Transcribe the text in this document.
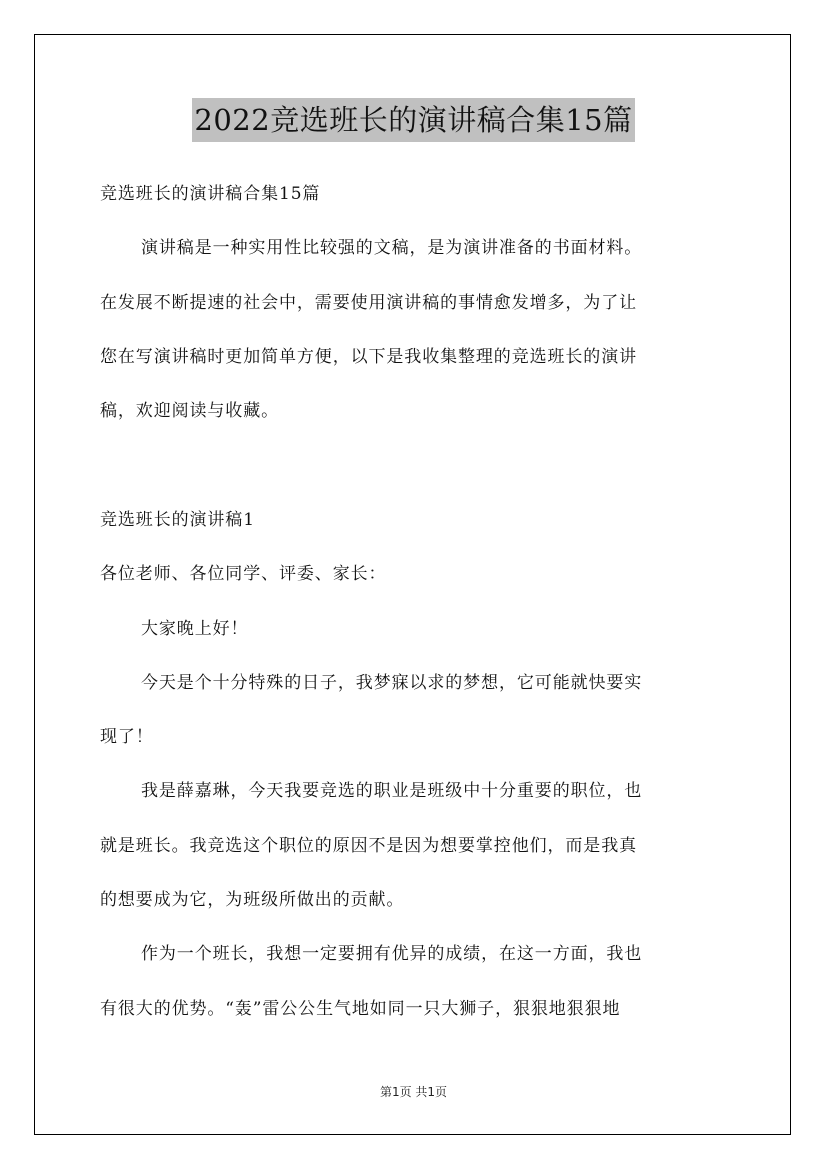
2022竞选班长的演讲稿合集15篇
竞选班长的演讲稿合集15篇
演讲稿是一种实用性比较强的文稿，是为演讲准备的书面材料。
在发展不断提速的社会中，需要使用演讲稿的事情愈发增多，为了让
您在写演讲稿时更加简单方便，以下是我收集整理的竞选班长的演讲
稿，欢迎阅读与收藏。
竞选班长的演讲稿1
各位老师、各位同学、评委、家长：
大家晚上好！
今天是个十分特殊的日子，我梦寐以求的梦想，它可能就快要实
现了！
我是薛嘉琳，今天我要竞选的职业是班级中十分重要的职位，也
就是班长。我竞选这个职位的原因不是因为想要掌控他们，而是我真
的想要成为它，为班级所做出的贡献。
作为一个班长，我想一定要拥有优异的成绩，在这一方面，我也
有很大的优势。“轰”雷公公生气地如同一只大狮子，狠狠地狠狠地
第1页 共1页
